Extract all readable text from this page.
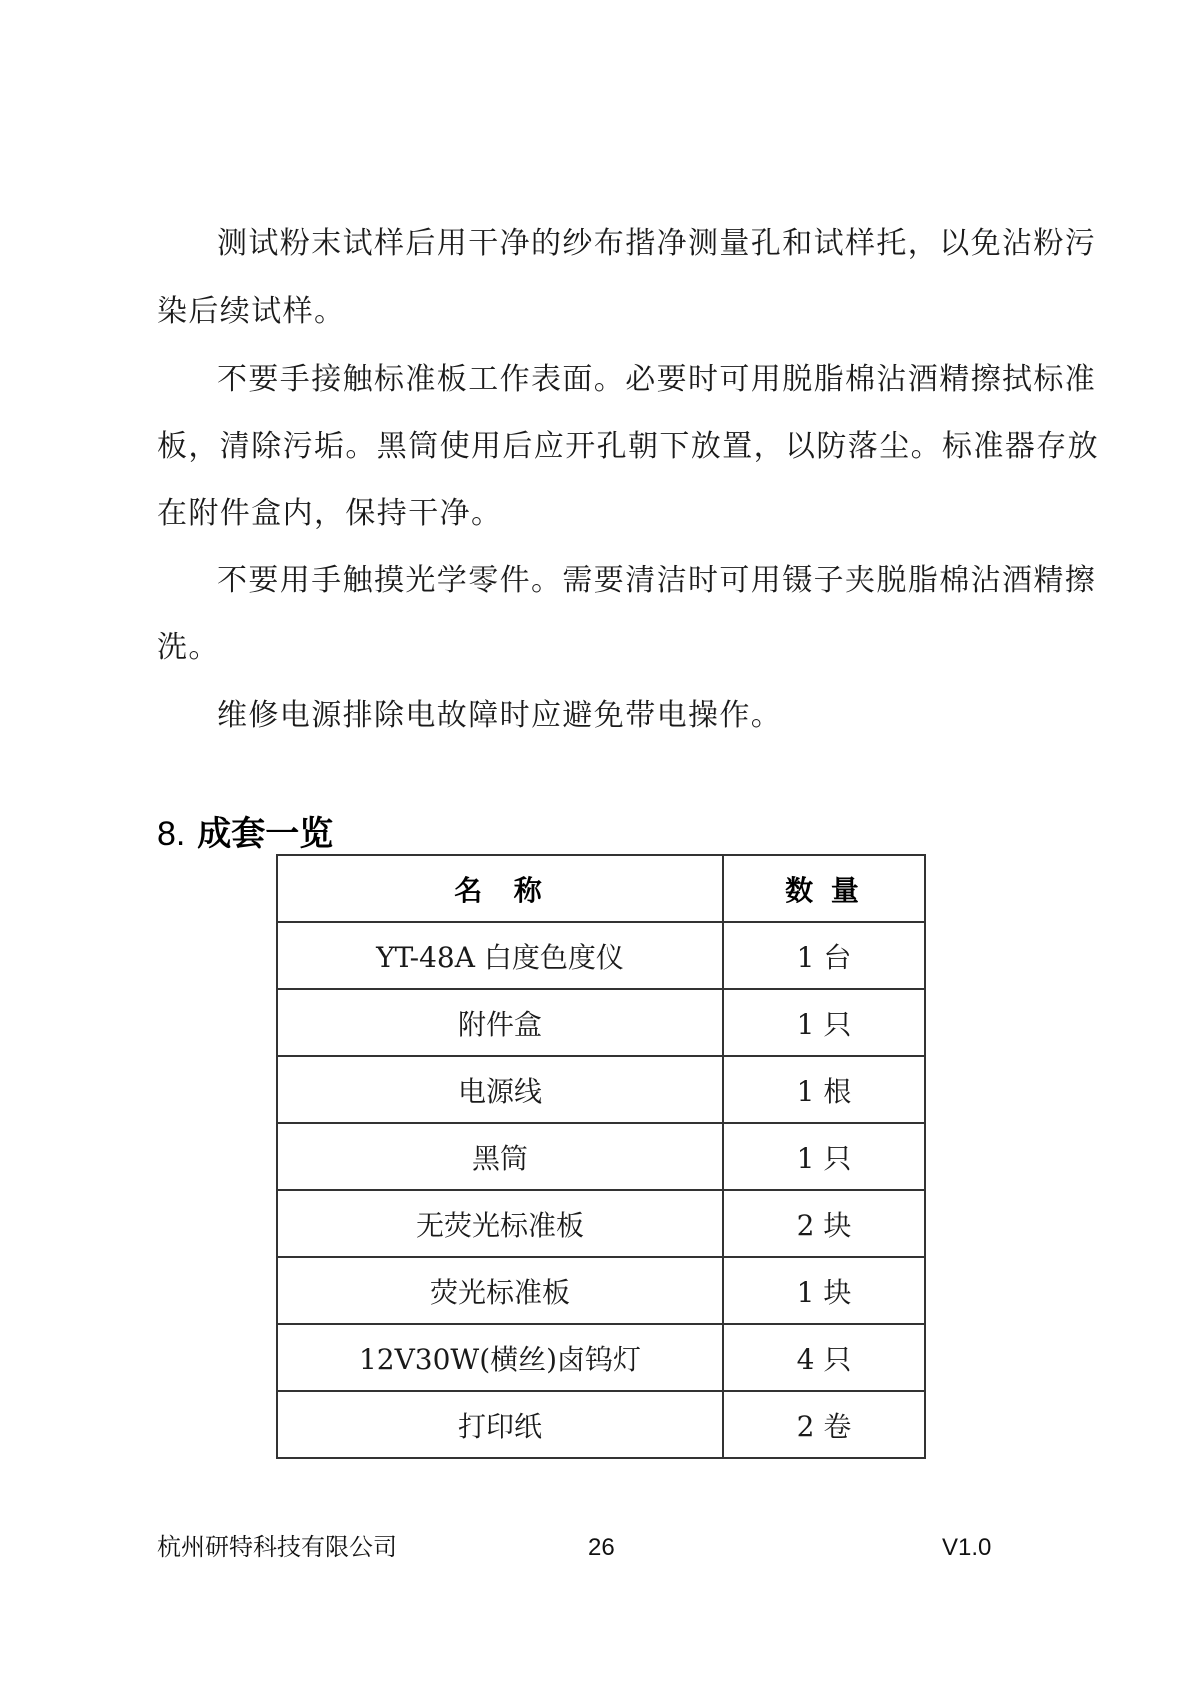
测试粉末试样后用干净的纱布揩净测量孔和试样托，以免沾粉污
染后续试样。
不要手接触标准板工作表面。必要时可用脱脂棉沾酒精擦拭标准
板，清除污垢。黑筒使用后应开孔朝下放置，以防落尘。标准器存放
在附件盒内，保持干净。
不要用手触摸光学零件。需要清洁时可用镊子夹脱脂棉沾酒精擦
洗。
维修电源排除电故障时应避免带电操作。
8. 成套一览
名  称	数 量
YT-48A 白度色度仪	1 台
附件盒	1 只
电源线	1 根
黑筒	1 只
无荧光标准板	2 块
荧光标准板	1 块
12V30W(横丝)卤钨灯	4 只
打印纸	2 卷
杭州研特科技有限公司	26	V1.0
